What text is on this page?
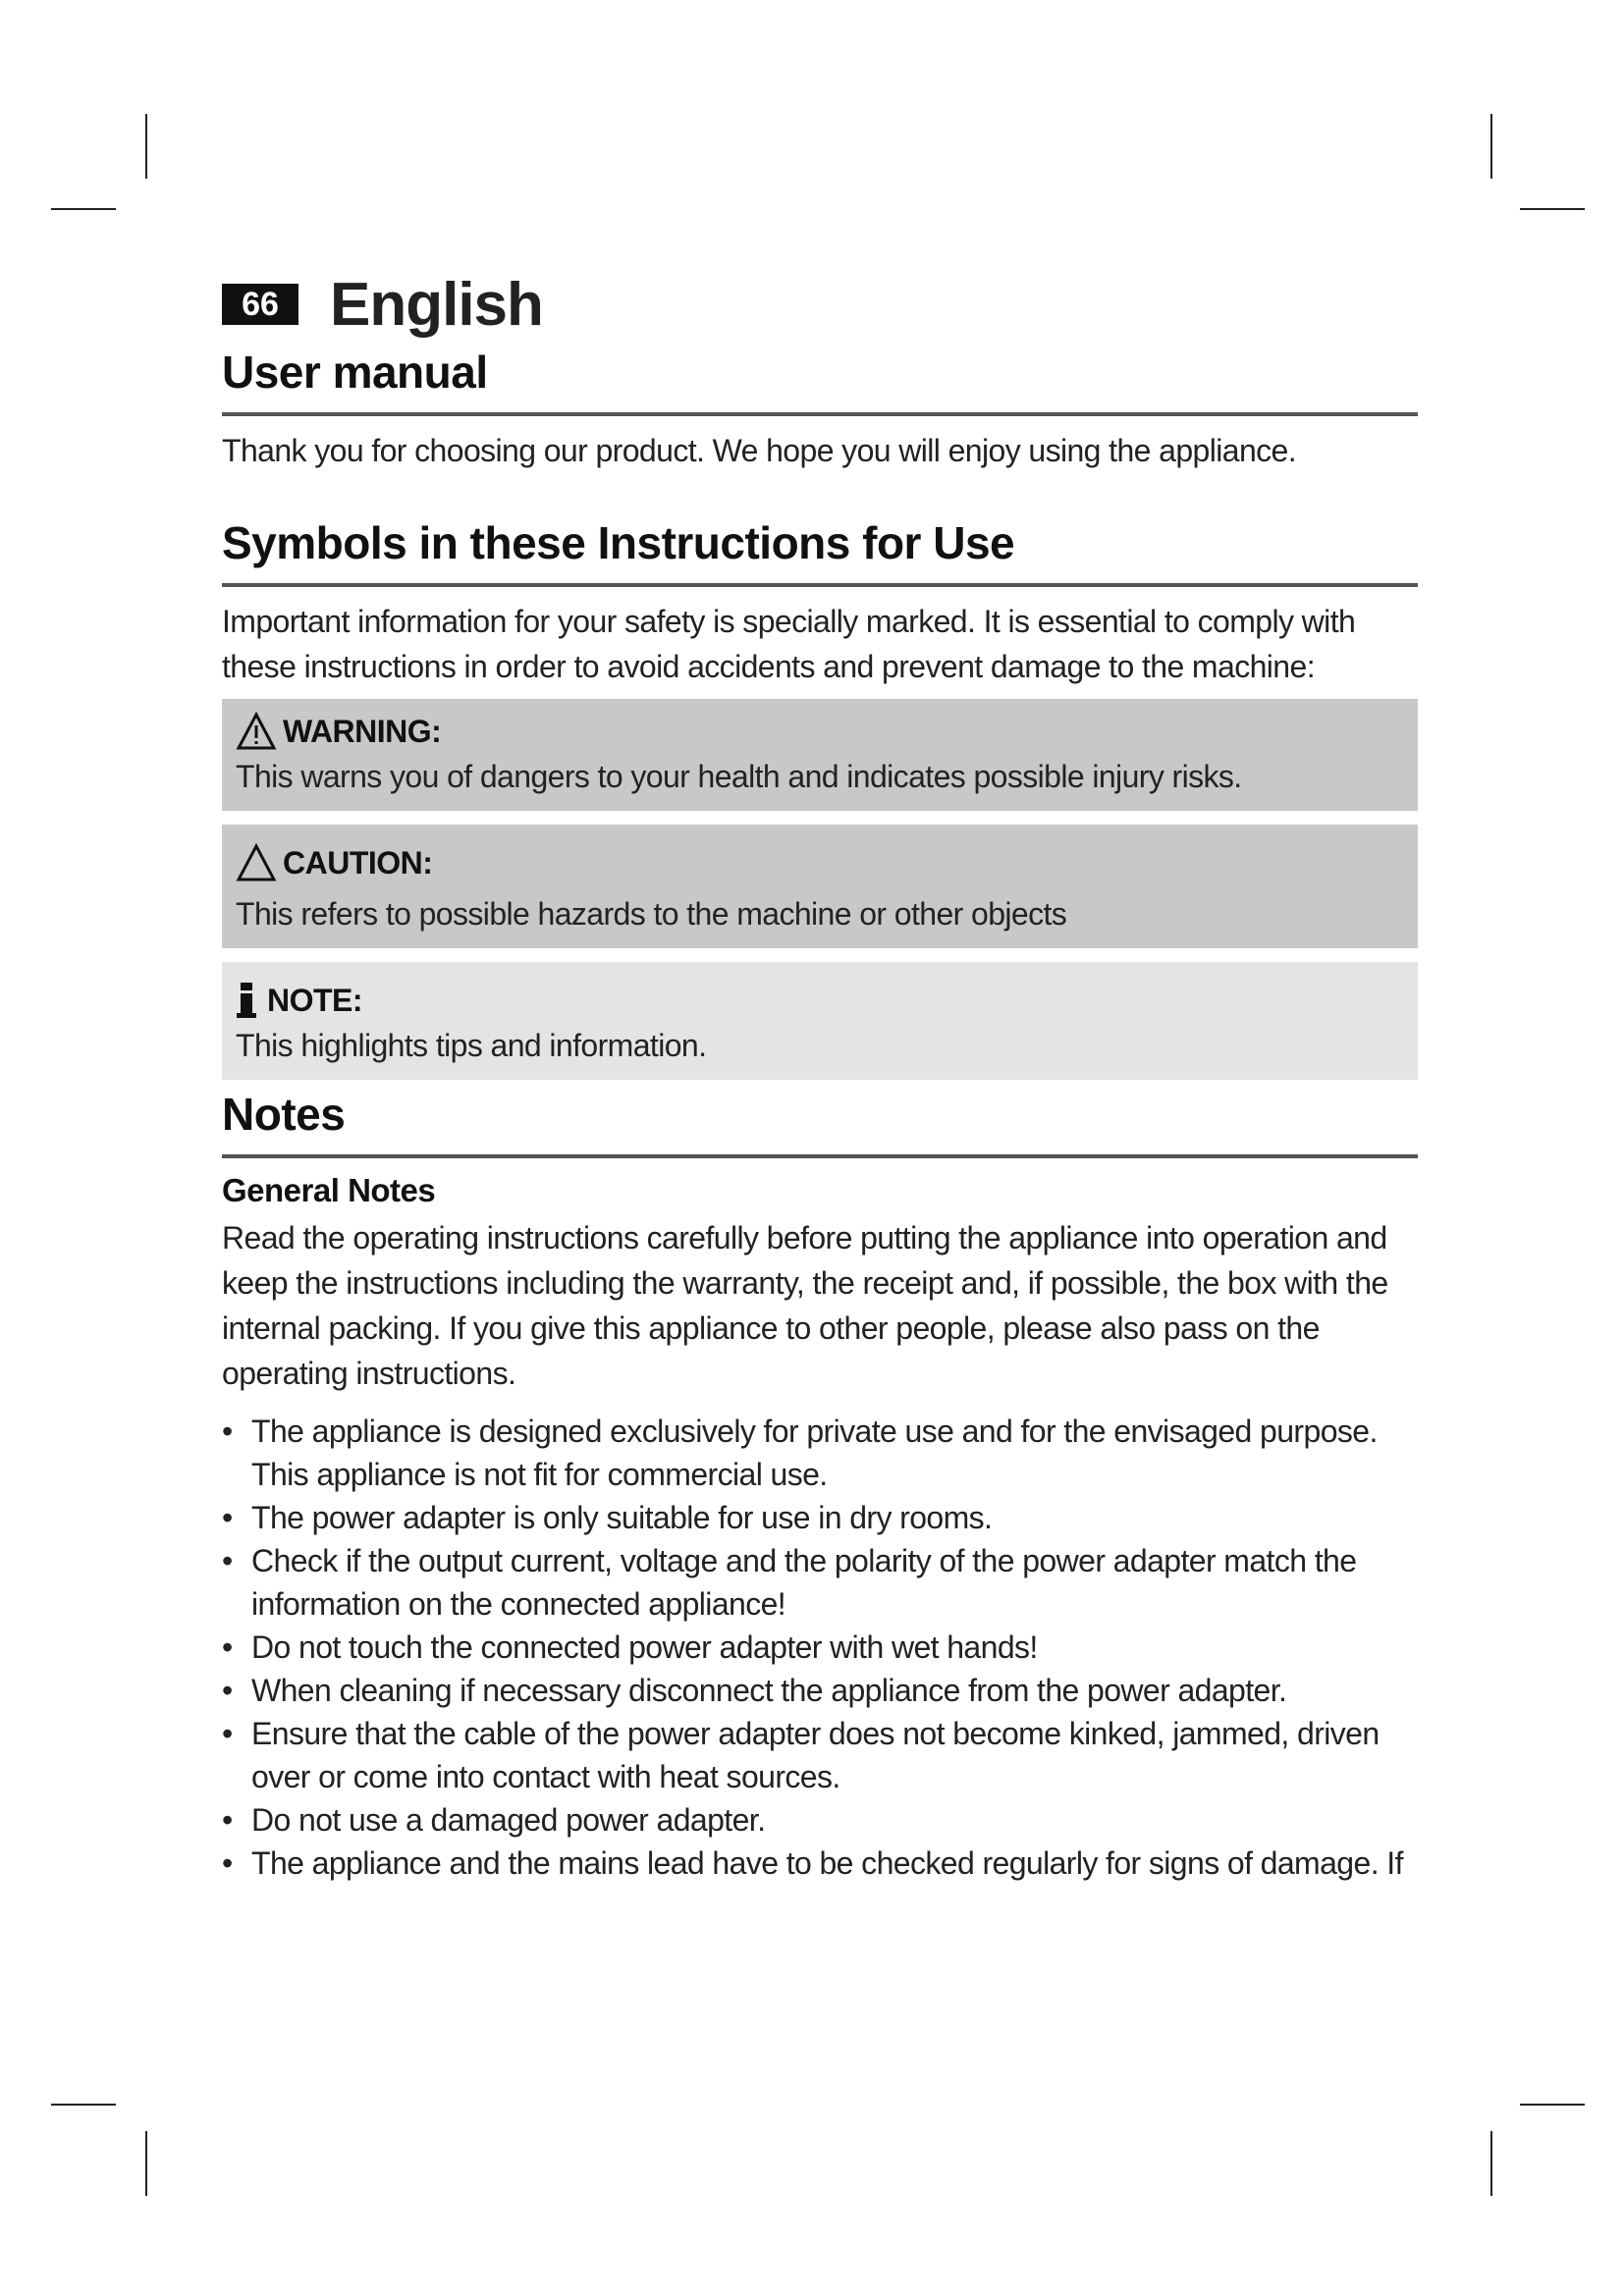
66 English
User manual

Thank you for choosing our product. We hope you will enjoy using the appliance.

Symbols in these Instructions for Use

Important information for your safety is specially marked. It is essential to comply with these instructions in order to avoid accidents and prevent damage to the machine:

WARNING:
This warns you of dangers to your health and indicates possible injury risks.
CAUTION:
This refers to possible hazards to the machine or other objects
NOTE:
This highlights tips and information.
Notes
General Notes

Read the operating instructions carefully before putting the appliance into operation and keep the instructions including the warranty, the receipt and, if possible, the box with the internal packing. If you give this appliance to other people, please also pass on the operating instructions.

• The appliance is designed exclusively for private use and for the envisaged purpose. This appliance is not fit for commercial use.
• The power adapter is only suitable for use in dry rooms.
• Check if the output current, voltage and the polarity of the power adapter match the information on the connected appliance!
• Do not touch the connected power adapter with wet hands!
• When cleaning if necessary disconnect the appliance from the power adapter.
• Ensure that the cable of the power adapter does not become kinked, jammed, driven over or come into contact with heat sources.
• Do not use a damaged power adapter.
• The appliance and the mains lead have to be checked regularly for signs of damage. If
